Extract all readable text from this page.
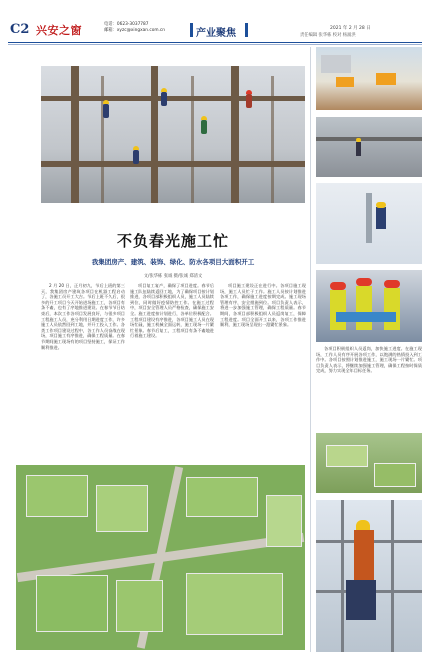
C2 兴安之窗	电话：0623-3037787
邮箱：xyzc@xingxan.com.cn	产业聚焦	2021 年 2 月 28 日
责任编辑 张华栋 校对 杨涌洪
不负春光施工忙
我集团房产、建筑、装饰、绿化、防水各项目大面积开工
文/张华栋 张诚 摄/张诚 郑清文

2 月 20 日，正月初九，节后上班的第三天，我集团房产建筑各项目在机器工程启动了，各施工员开工大吉。节后上班不久后，很多的开工项目今天开始进场施工工，各项目有条不紊，也有了序地推进建设。在春节节日结束后，本次工作各项目发展良好，与很多项目工程施工人员，充分利用日期进度工作，许多施工人员依然回到工地，并开工投入工作。各类工作项目建设过程中，各工作人员奋战在现场，项目施工有序推进，确保工程质量。在春节期间施工现场有的项目坚持施工，保证工作顺利推进。

项目复工复产，确保了项目进度。春节后施工队伍陆续返回工地，为了确保项目按计划推进，各项目部积极组织人员，施工人员陆续到位，同时做好疫情防控工作。在施工过程中，项目安全管理人员严格检查，确保施工安全。施工进度按计划进行，各单位积极配合。工程项目建设有序推进，各项目施工人员在现场忙碌，施工机械全面运转，施工现场一片繁忙景象。春节后复工，工程项目有条不紊地进行着施工建设。

项目施工建设正在进行中。各项目施工现场，施工人员忙于工作。施工人员按计划推进各项工作，确保施工进度按期完成。施工现场管理有序，安全措施到位。项目负责人表示，将进一步加强施工管理，确保工程质量。春节期间，各项目部积极组织人员返岗复工，保障工程进度。项目全面开工以来，各项工作推进顺利，施工现场呈现出一派繁忙景象。

各项目积极组织人员返岗，加快施工进度。在施工现场，工作人员有序开展各项工作，以饱满的热情投入到工作中。各项目按照计划推进施工，施工现场一片繁忙。项目负责人表示，将继续加强施工管理，确保工程按时保质完成，努力实现全年目标任务。
